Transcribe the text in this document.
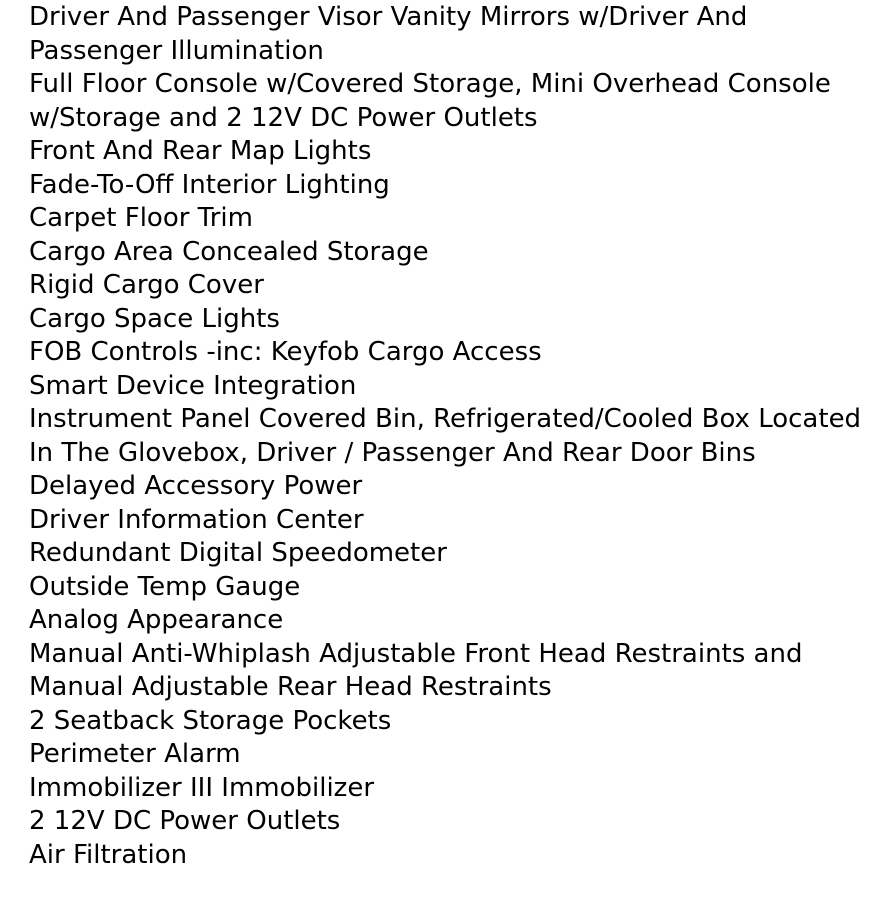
Driver And Passenger Visor Vanity Mirrors w/Driver And Passenger Illumination
Full Floor Console w/Covered Storage, Mini Overhead Console w/Storage and 2 12V DC Power Outlets
Front And Rear Map Lights
Fade-To-Off Interior Lighting
Carpet Floor Trim
Cargo Area Concealed Storage
Rigid Cargo Cover
Cargo Space Lights
FOB Controls -inc: Keyfob Cargo Access
Smart Device Integration
Instrument Panel Covered Bin, Refrigerated/Cooled Box Located In The Glovebox, Driver / Passenger And Rear Door Bins
Delayed Accessory Power
Driver Information Center
Redundant Digital Speedometer
Outside Temp Gauge
Analog Appearance
Manual Anti-Whiplash Adjustable Front Head Restraints and Manual Adjustable Rear Head Restraints
2 Seatback Storage Pockets
Perimeter Alarm
Immobilizer III Immobilizer
2 12V DC Power Outlets
Air Filtration
